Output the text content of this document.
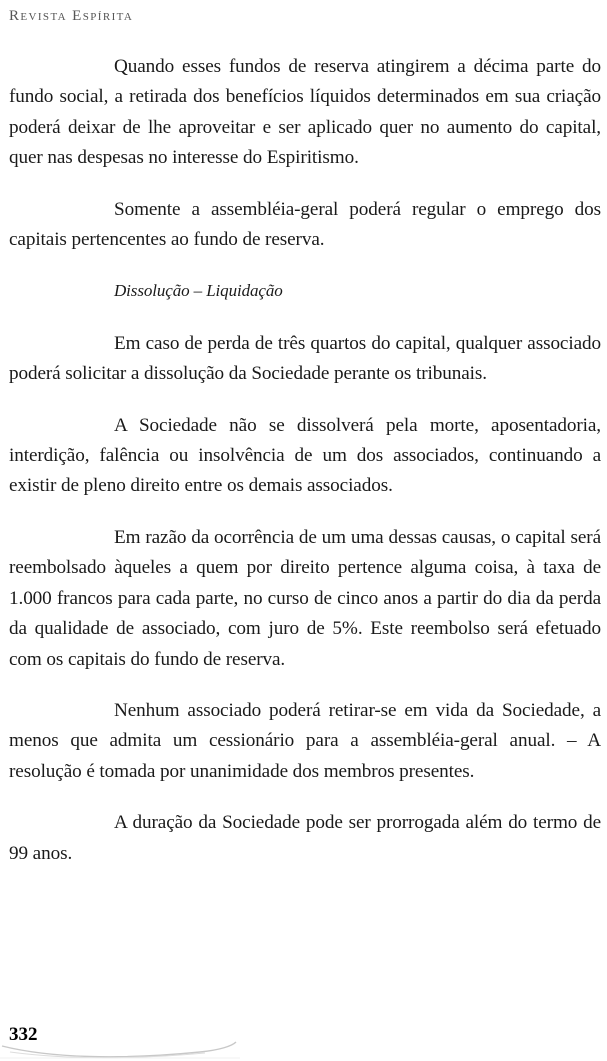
Revista Espírita

Quando esses fundos de reserva atingirem a décima parte do fundo social, a retirada dos benefícios líquidos determinados em sua criação poderá deixar de lhe aproveitar e ser aplicado quer no aumento do capital, quer nas despesas no interesse do Espiritismo.

Somente a assembléia-geral poderá regular o emprego dos capitais pertencentes ao fundo de reserva.

Dissolução – Liquidação

Em caso de perda de três quartos do capital, qualquer associado poderá solicitar a dissolução da Sociedade perante os tribunais.

A Sociedade não se dissolverá pela morte, aposentadoria, interdição, falência ou insolvência de um dos associados, continuando a existir de pleno direito entre os demais associados.

Em razão da ocorrência de um uma dessas causas, o capital será reembolsado àqueles a quem por direito pertence alguma coisa, à taxa de 1.000 francos para cada parte, no curso de cinco anos a partir do dia da perda da qualidade de associado, com juro de 5%. Este reembolso será efetuado com os capitais do fundo de reserva.

Nenhum associado poderá retirar-se em vida da Sociedade, a menos que admita um cessionário para a assembléia-geral anual. – A resolução é tomada por unanimidade dos membros presentes.

A duração da Sociedade pode ser prorrogada além do termo de 99 anos.

332
